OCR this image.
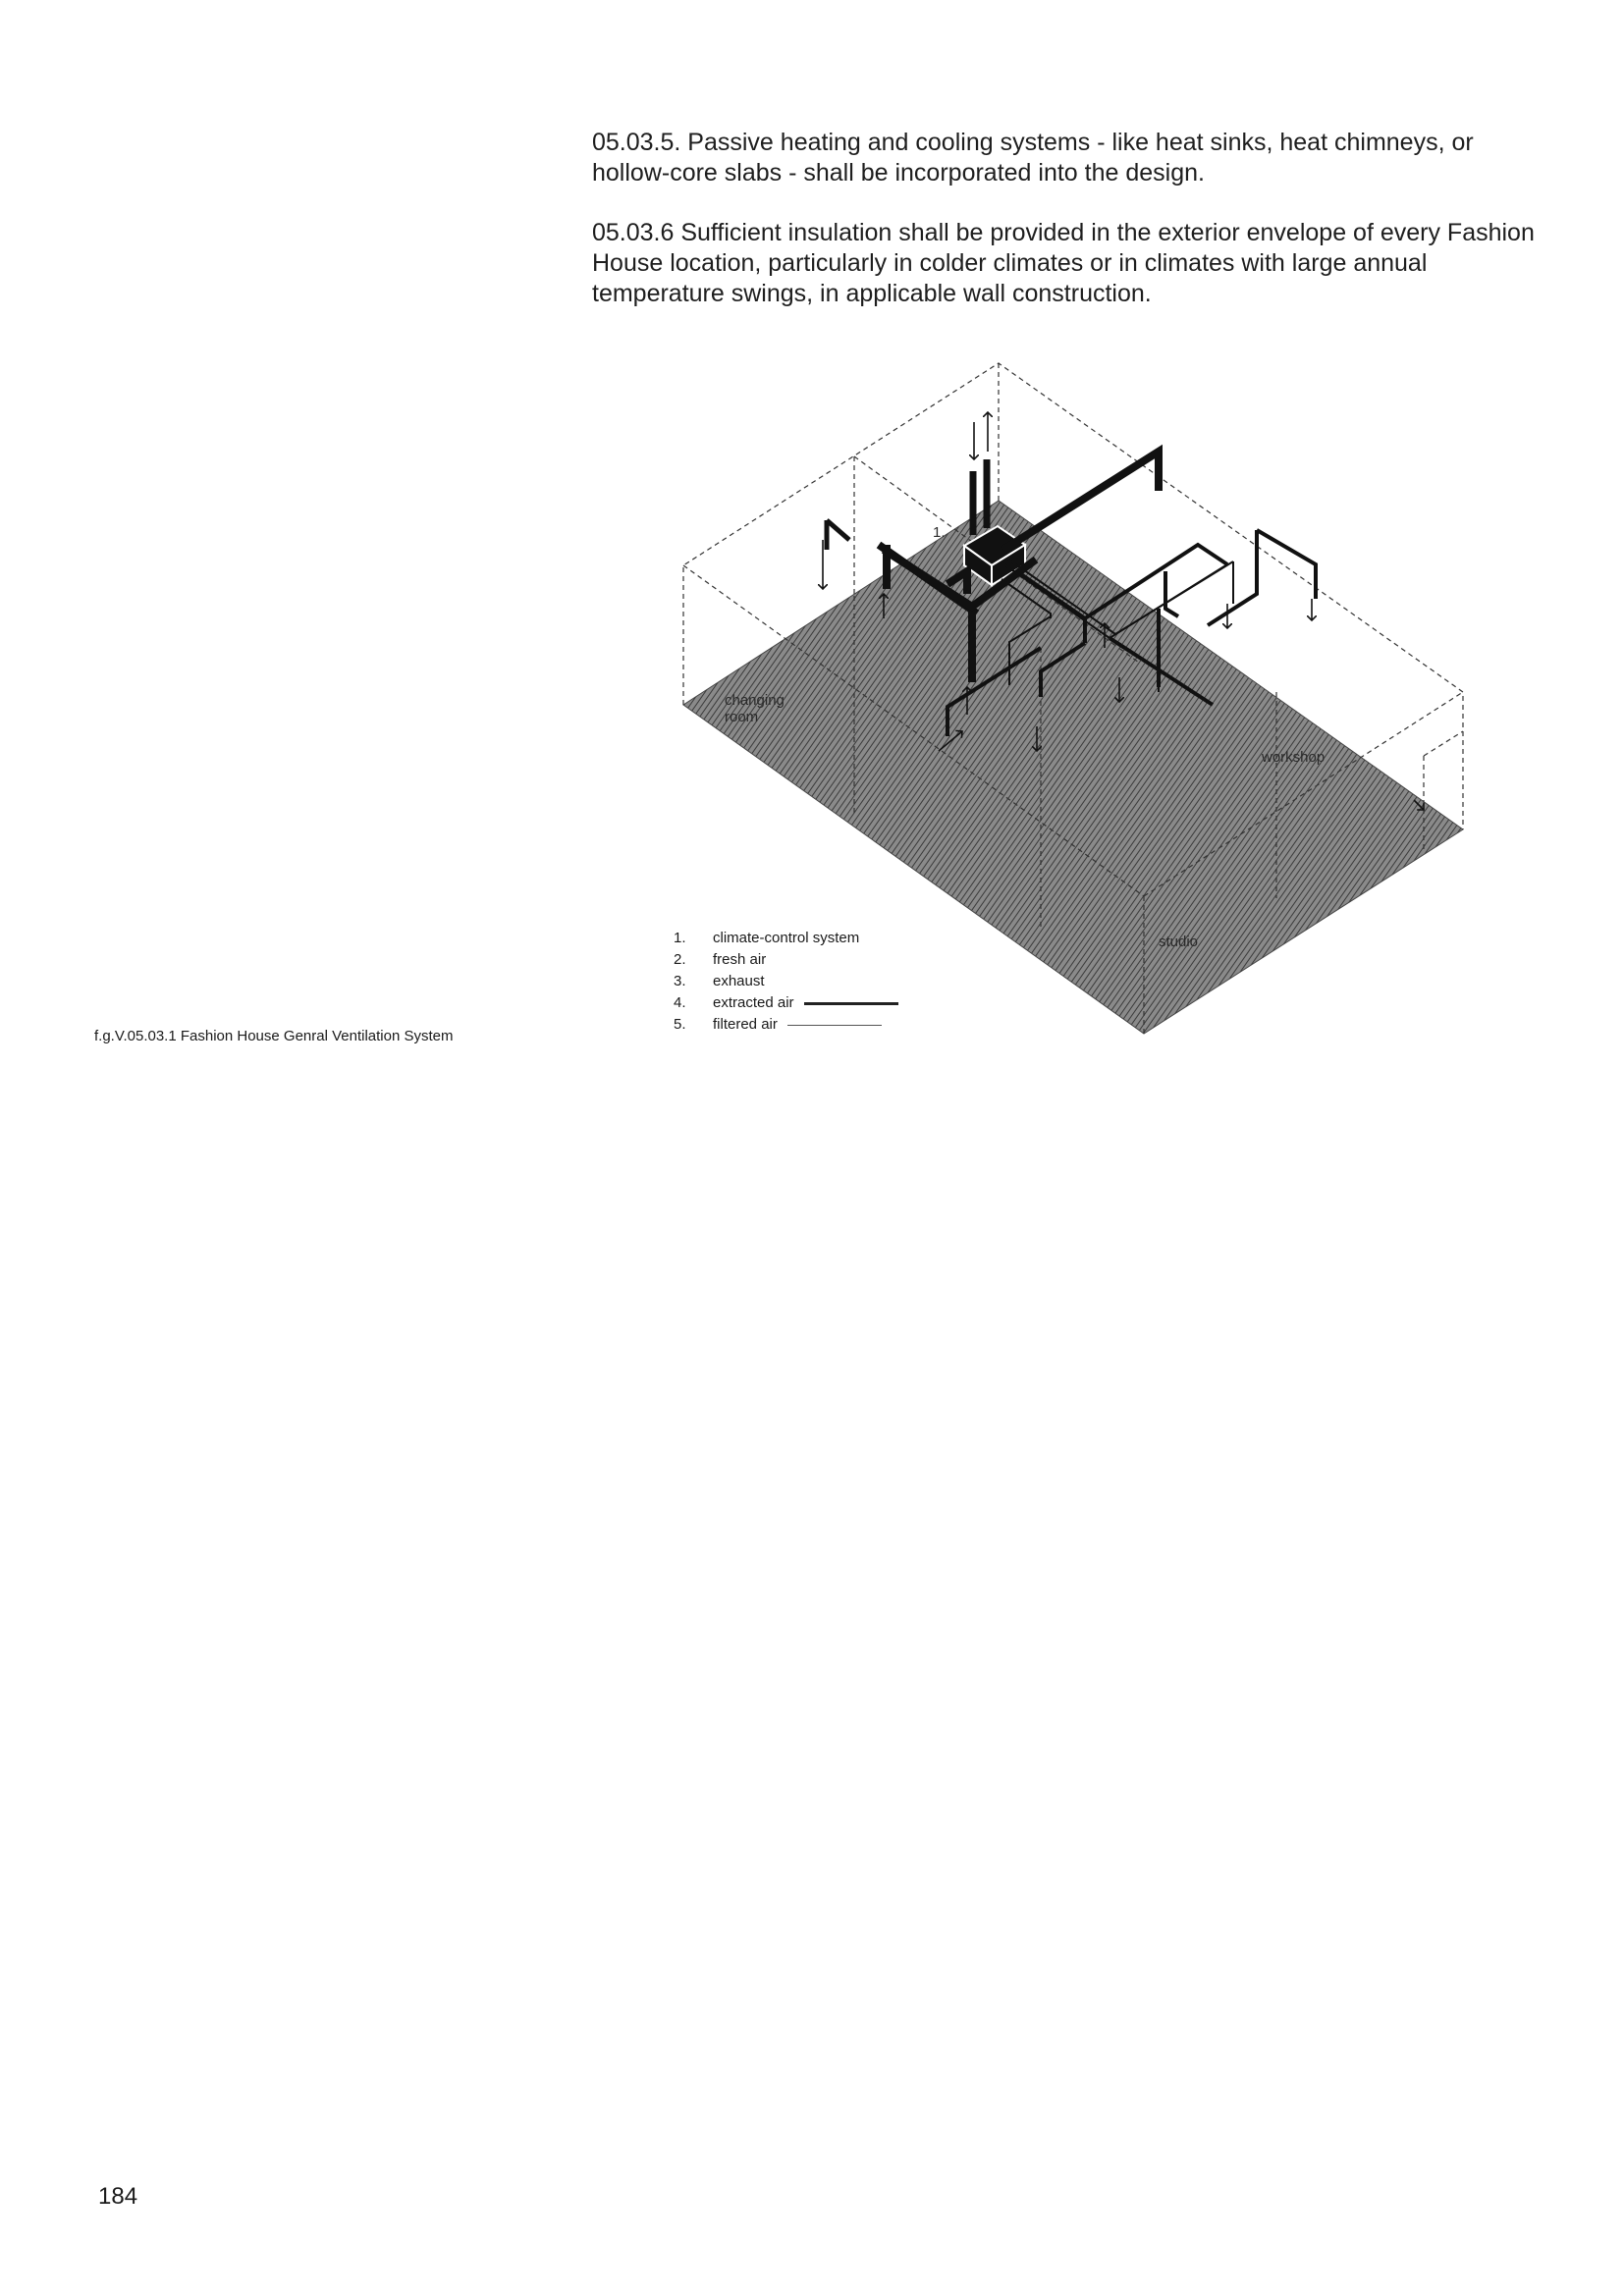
05.03.5. Passive heating and cooling systems - like heat sinks, heat chimneys, or hollow-core slabs - shall be incorporated into the design.

05.03.6 Sufficient insulation shall be provided in the exterior envelope of every Fashion House location, particularly in colder climates or in climates with large annual temperature swings, in applicable wall construction.

1.
changing
room
workshop
studio
1.	climate-control system
2.	fresh air
3.	exhaust
4.	extracted air
5.	filtered air
f.g.V.05.03.1 Fashion House Genral Ventilation System
184
